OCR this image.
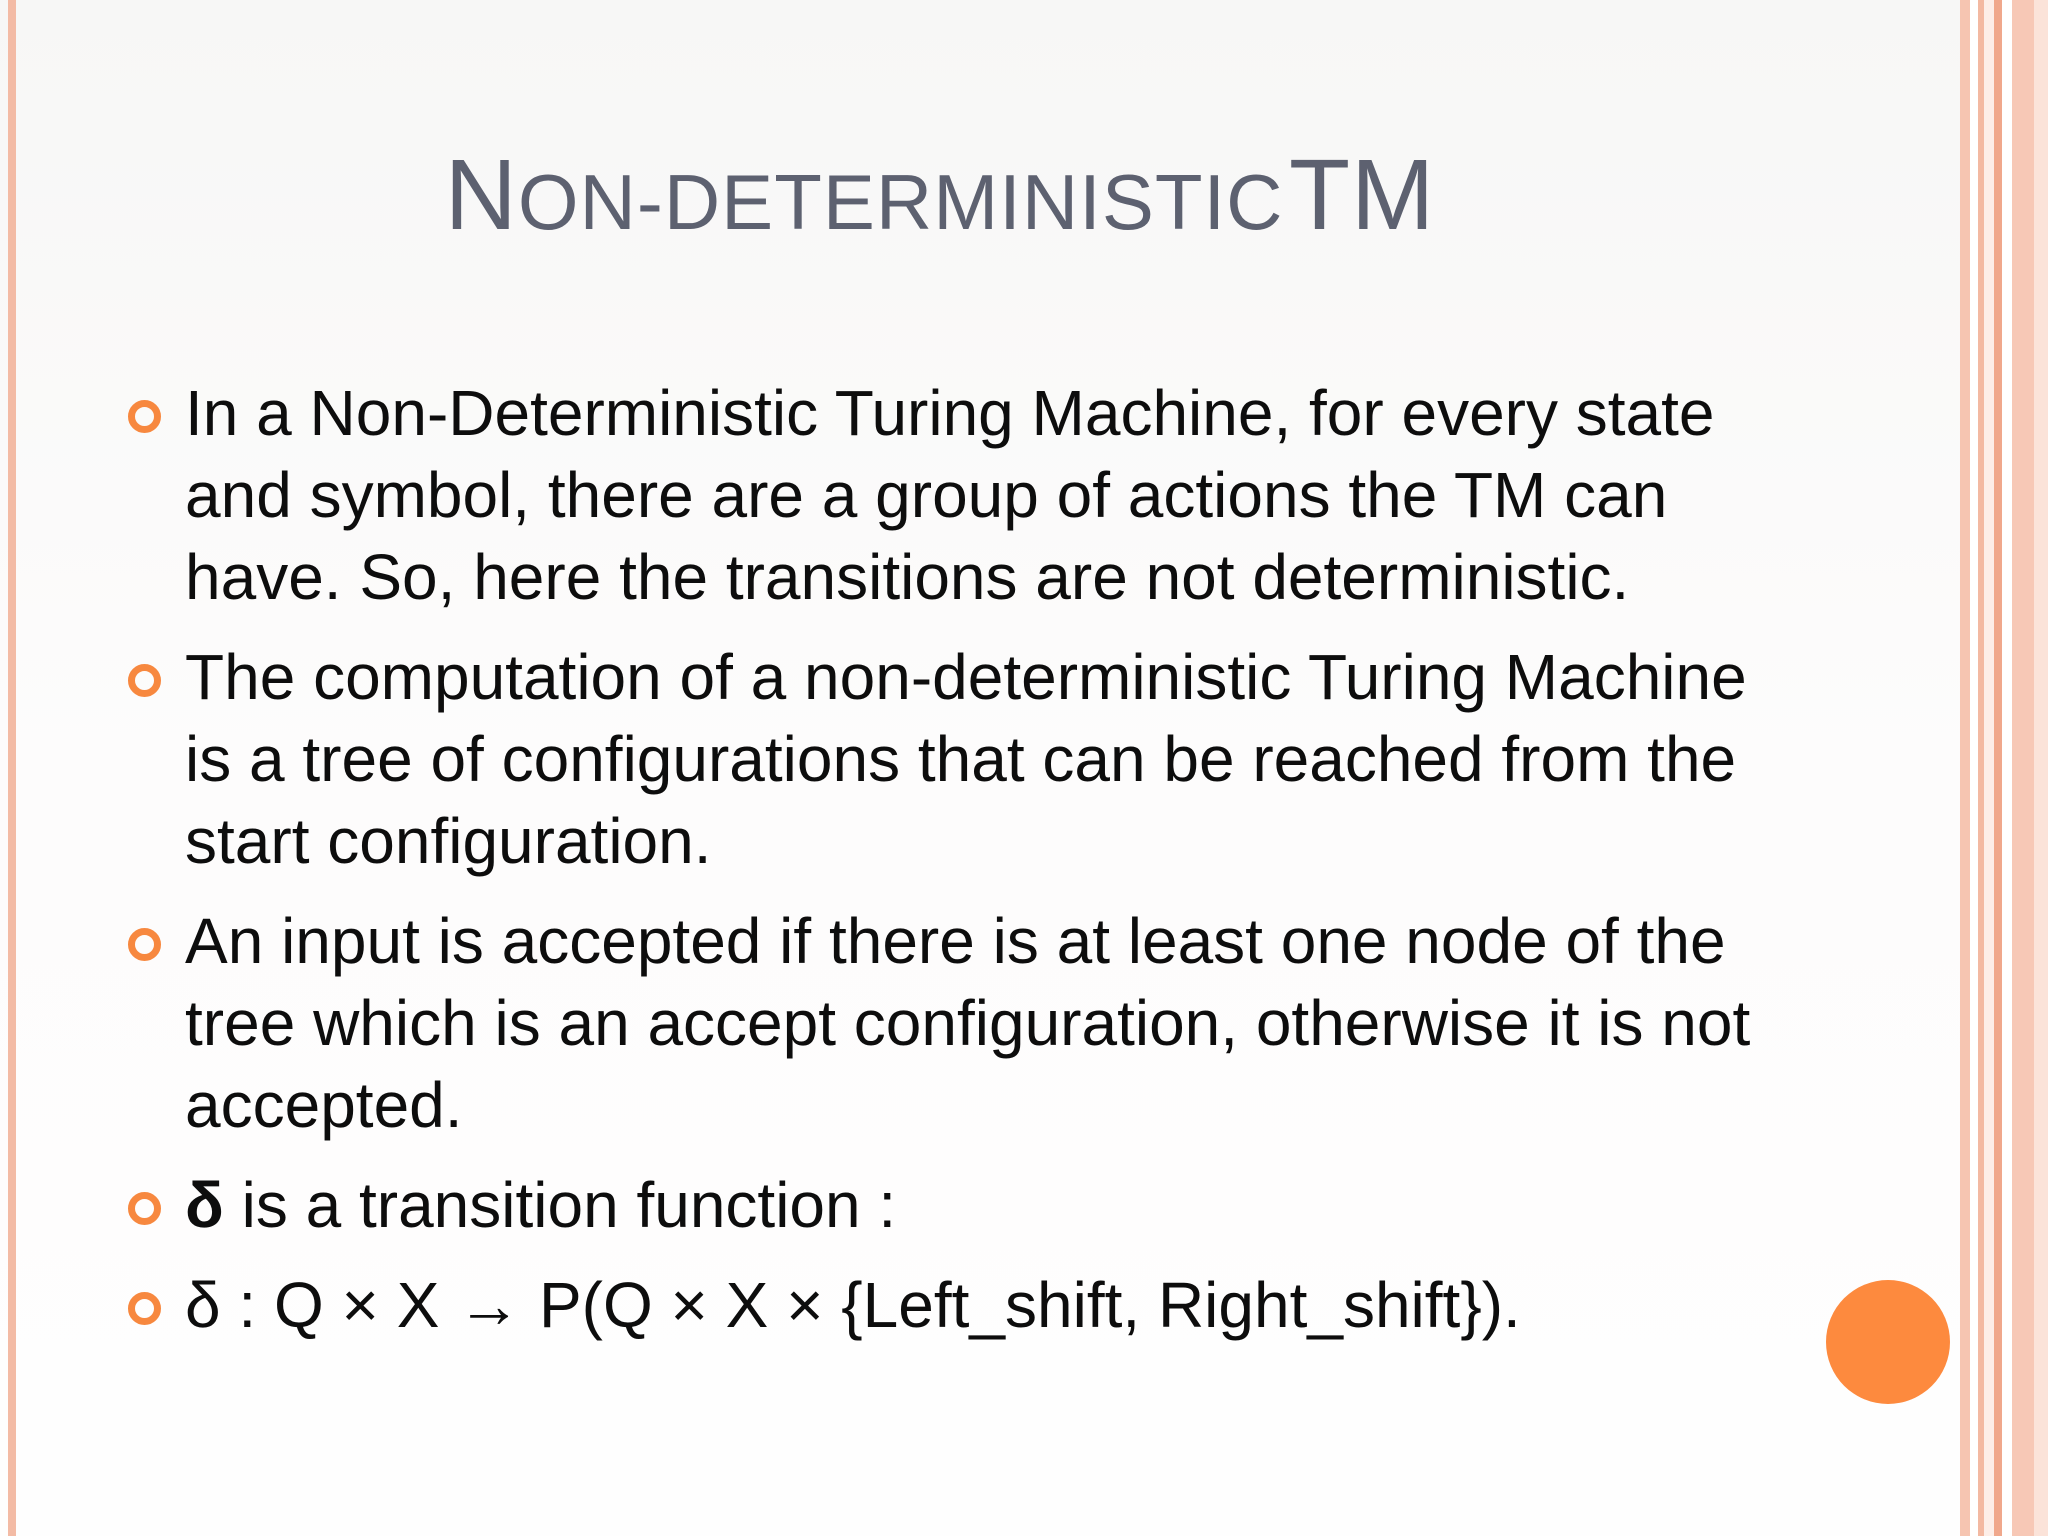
NON-DETERMINISTIC TM
In a Non-Deterministic Turing Machine, for every state and symbol, there are a group of actions the TM can have. So, here the transitions are not deterministic.
The computation of a non-deterministic Turing Machine is a tree of configurations that can be reached from the start configuration.
An input is accepted if there is at least one node of the tree which is an accept configuration, otherwise it is not accepted.
δ is a transition function :
δ : Q × X → P(Q × X × {Left_shift, Right_shift}).
